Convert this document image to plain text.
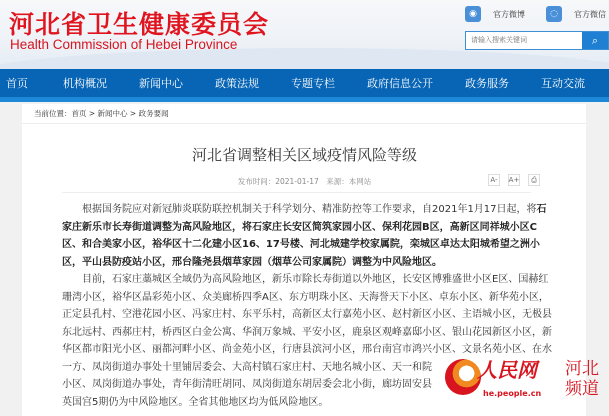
河北省卫生健康委员会
Health Commission of Hebei Province
◉	官方微博	◌	官方微信
请输入搜索关键词
⌕
首页	机构概况	新闻中心	政策法规	专题专栏	政府信息公开	政务服务	互动交流
当前位置：首页 > 新闻中心 > 政务要闻
河北省调整相关区域疫情风险等级
发布时间：2021-01-17　来源：本网站	A-	A+	⎙
人民网
he.people.cn
河北频道

根据国务院应对新冠肺炎联防联控机制关于科学划分、精准防控等工作要求，自2021年1月17日起，将石家庄新乐市长寿街道调整为高风险地区，将石家庄长安区简筑家园小区、保利花园B区，高新区同祥城小区C区、和合美家小区，裕华区十二化建小区16、17号楼、河北城建学校家属院，栾城区卓达太阳城希望之洲小区，平山县防疫站小区，邢台隆尧县烟草家园（烟草公司家属院）调整为中风险地区。

目前，石家庄藁城区全域仍为高风险地区，新乐市除长寿街道以外地区，长安区博雅盛世小区E区、国赫红珊湾小区，裕华区晶彩苑小区、众美廊桥四季A区、东方明珠小区、天海誉天下小区、卓东小区、新华苑小区，正定县孔村、空港花园小区、冯家庄村、东平乐村，高新区太行嘉苑小区、赵村新区小区、主语城小区，无极县东北远村、西郝庄村，桥西区白金公寓、华润万象城、平安小区，鹿泉区观峰嘉邸小区、银山花园新区小区，新华区都市阳光小区、丽都河畔小区、尚金苑小区，行唐县滨河小区，邢台南宫市鸿兴小区、文景名苑小区、在水一方、凤岗街道办事处十里铺居委会、大高村镇石家庄村、天地名城小区、天一和院小区、凤岗街道办事处，青年街清旺胡同、凤岗街道东胡居委会北小街，廊坊固安县英国宫5期仍为中风险地区。全省其他地区均为低风险地区。
